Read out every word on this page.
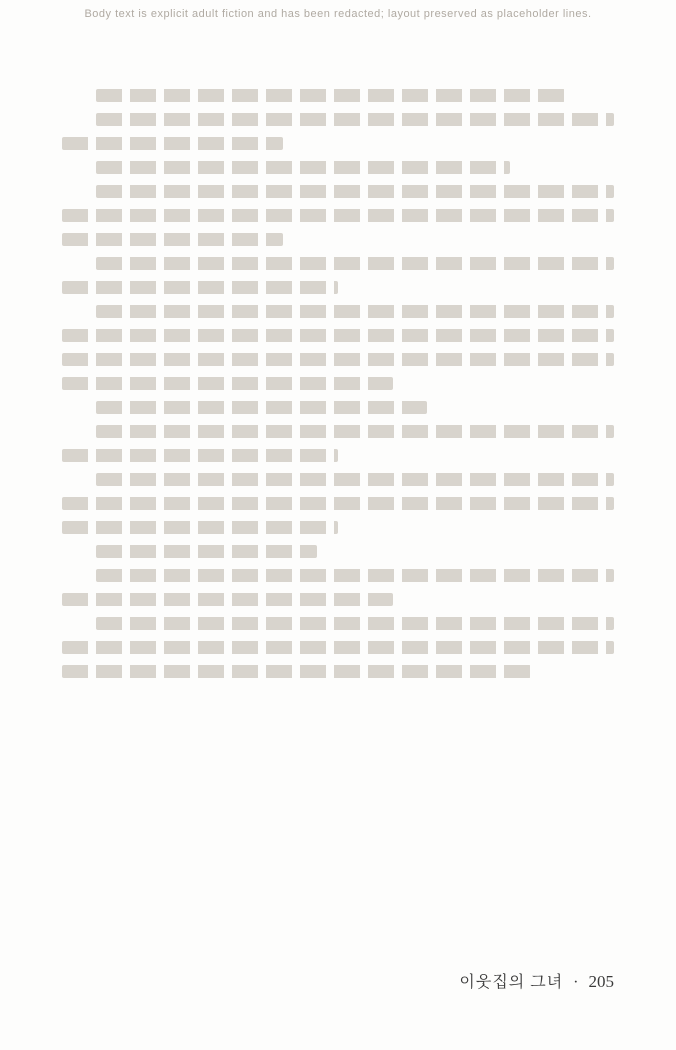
Body text is explicit adult fiction and has been redacted; layout preserved as placeholder lines.
이웃집의 그녀 · 205
